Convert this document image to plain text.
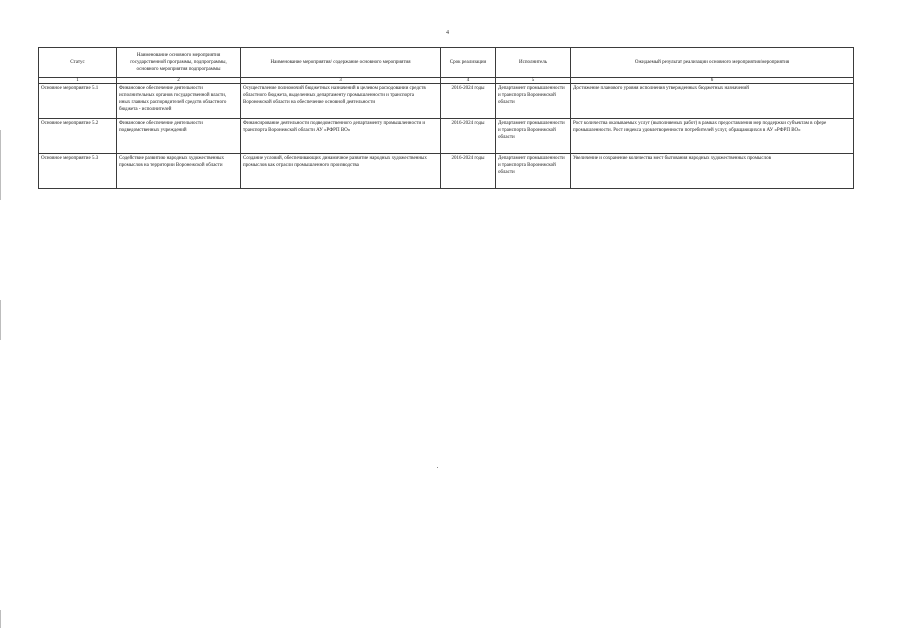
4
Статус	Наименование основного мероприятия государственной программы, подпрограммы, основного мероприятия подпрограммы	Наименование мероприятия/ содержание основного мероприятия	Срок реализации	Исполнитель	Ожидаемый результат реализации основного мероприятия/мероприятия
1	2	3	4	5	6
Основное мероприятие 5.1	Финансовое обеспечение деятельности исполнительных органов государственной власти, иных главных распорядителей средств областного бюджета - исполнителей	Осуществление полномочий бюджетных назначений в целевом расходовании средств областного бюджета, выделенных департаменту промышленности и транспорта Воронежской области на обеспечение основной деятельности	2016-2024 годы	Департамент промышленности и транспорта Воронежской области	Достижение планового уровня исполнения утвержденных бюджетных назначений
Основное мероприятие 5.2	Финансовое обеспечение деятельности подведомственных учреждений	Финансирование деятельности подведомственного департаменту промышленности и транспорта Воронежской области АУ «РФРП ВО»	2016-2024 годы	Департамент промышленности и транспорта Воронежской области	Рост количества оказываемых услуг (выполняемых работ) в рамках предоставления мер поддержки субъектам в сфере промышленности. Рост индекса удовлетворенности потребителей услуг, обращающихся в АУ «РФРП ВО»
Основное мероприятие 5.3	Содействие развитию народных художественных промыслов на территории Воронежской области	Создание условий, обеспечивающих динамичное развитие народных художественных промыслов как отрасли промышленного производства	2016-2024 годы	Департамент промышленности и транспорта Воронежской области	Увеличение и сохранение количества мест бытования народных художественных промыслов
